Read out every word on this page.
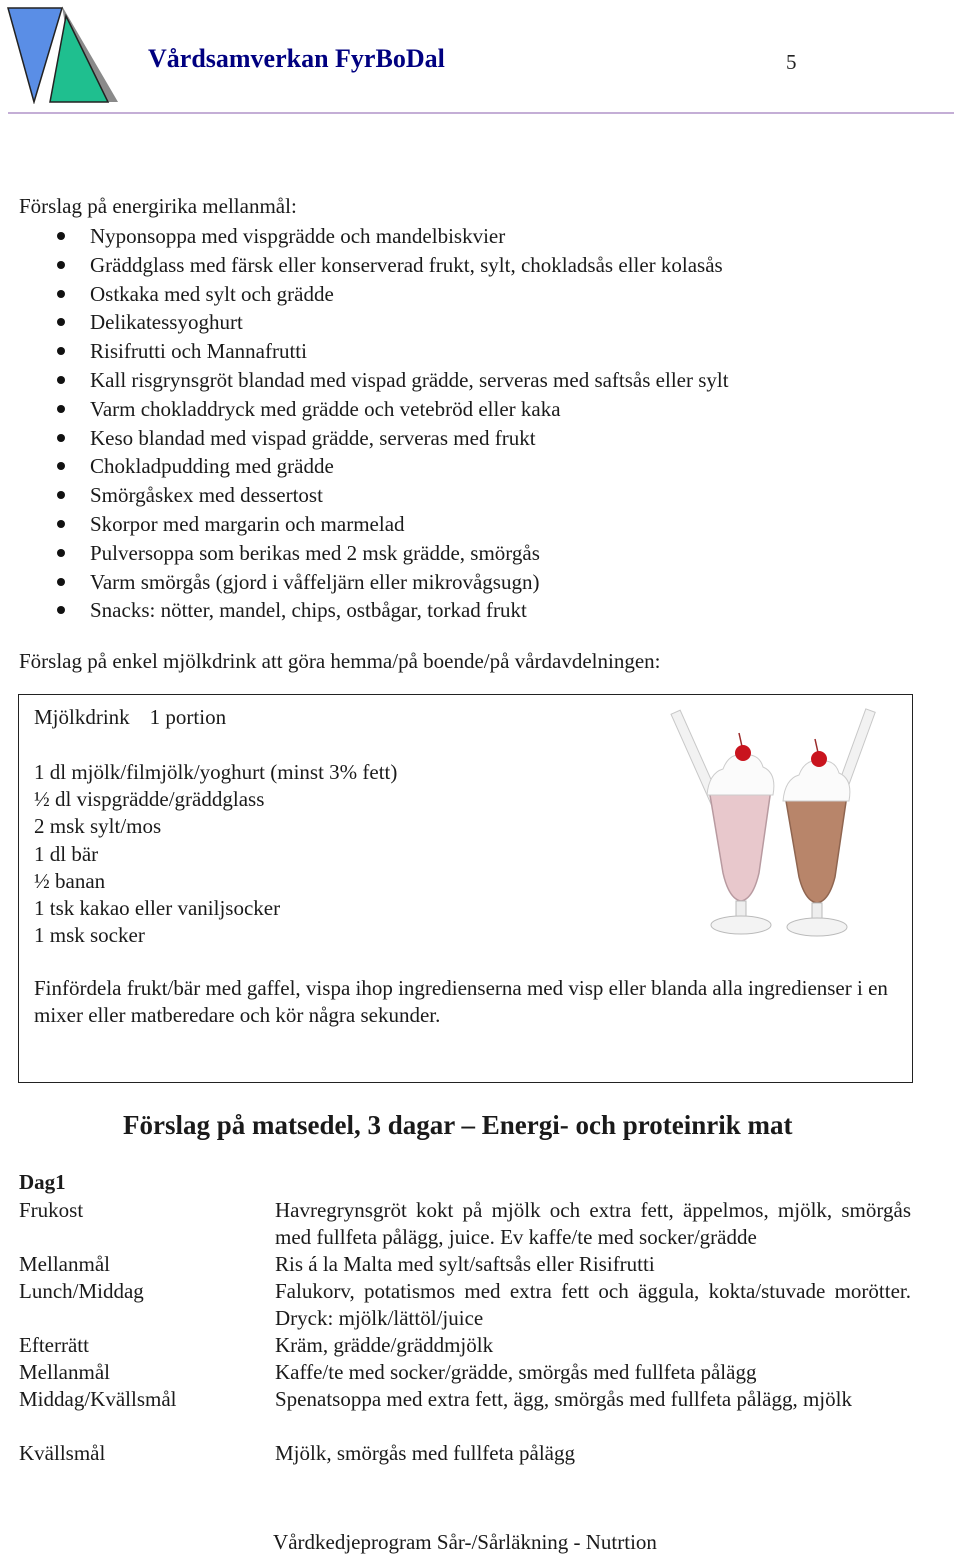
Vårdsamverkan FyrBoDal	5
Förslag på energirika mellanmål:
Nyponsoppa med vispgrädde och mandelbiskvier
Gräddglass med färsk eller konserverad frukt, sylt, chokladsås eller kolasås
Ostkaka med sylt och grädde
Delikatessyoghurt
Risifrutti och Mannafrutti
Kall risgrynsgröt blandad med vispad grädde, serveras med saftsås eller sylt
Varm chokladdryck med grädde och vetebröd eller kaka
Keso blandad med vispad grädde, serveras med frukt
Chokladpudding med grädde
Smörgåskex med dessertost
Skorpor med margarin och marmelad
Pulversoppa som berikas med 2 msk grädde, smörgås
Varm smörgås (gjord i våffeljärn eller mikrovågsugn)
Snacks: nötter, mandel, chips, ostbågar, torkad frukt
Förslag på enkel mjölkdrink att göra hemma/på boende/på vårdavdelningen:
Mjölkdrink 1 portion
1 dl mjölk/filmjölk/yoghurt (minst 3% fett)
½ dl vispgrädde/gräddglass
2 msk sylt/mos
1 dl bär
½ banan
1 tsk kakao eller vaniljsocker
1 msk socker
Finfördela frukt/bär med gaffel, vispa ihop ingredienserna med visp eller blanda alla ingredienser i en mixer eller matberedare och kör några sekunder.
Förslag på matsedel, 3 dagar – Energi- och proteinrik mat
Dag1
Frukost	Havregrynsgröt kokt på mjölk och extra fett, äppelmos, mjölk, smörgås med fullfeta pålägg, juice. Ev kaffe/te med socker/grädde
Mellanmål	Ris á la Malta med sylt/saftsås eller Risifrutti
Lunch/Middag	Falukorv, potatismos med extra fett och äggula, kokta/stuvade morötter. Dryck: mjölk/lättöl/juice
Efterrätt	Kräm, grädde/gräddmjölk
Mellanmål	Kaffe/te med socker/grädde, smörgås med fullfeta pålägg
Middag/Kvällsmål	Spenatsoppa med extra fett, ägg, smörgås med fullfeta pålägg, mjölk
Kvällsmål	Mjölk, smörgås med fullfeta pålägg
Vårdkedjeprogram Sår-/Sårläkning - Nutrtion
